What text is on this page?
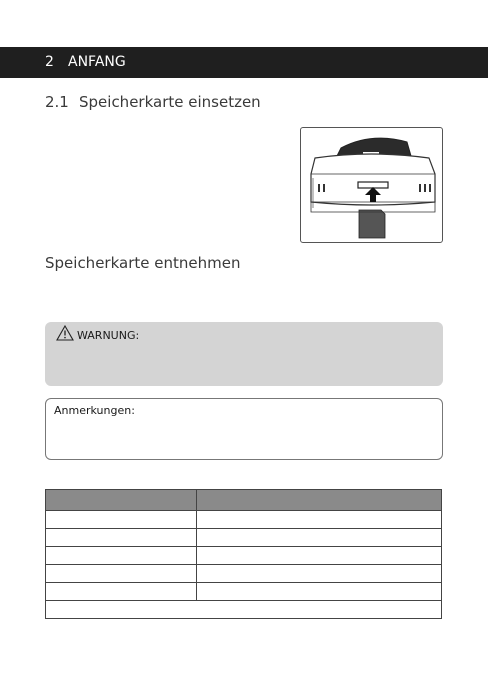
2 ANFANG
2.1 Speicherkarte einsetzen
Speicherkarte entnehmen
WARNUNG:
Anmerkungen:
